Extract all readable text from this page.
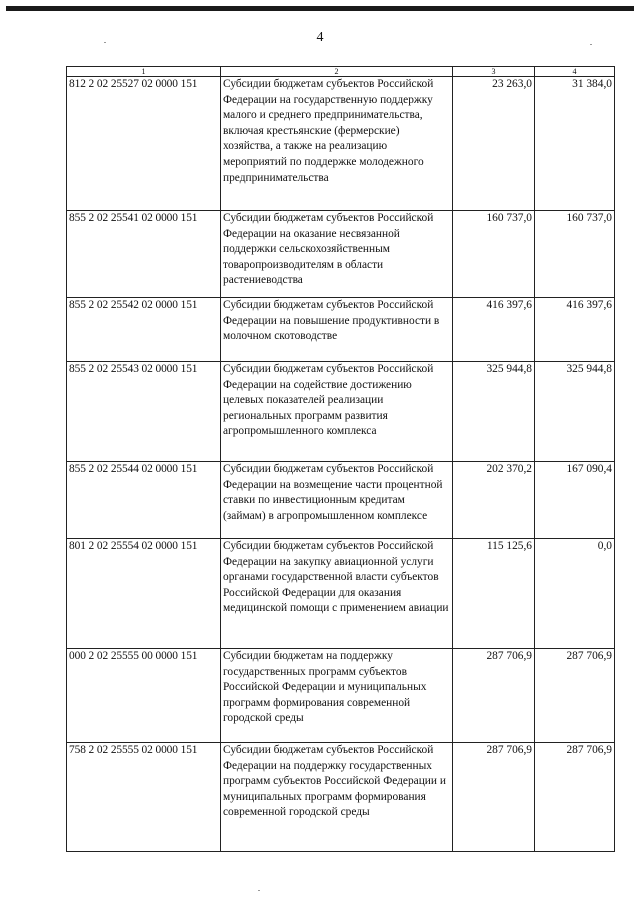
4
1	2	3	4
812 2 02 25527 02 0000 151	Субсидии бюджетам субъектов Российской Федерации на государственную поддержку малого и среднего предпринимательства, включая крестьянские (фермерские) хозяйства, а также на реализацию мероприятий по поддержке молодежного предпринимательства	23 263,0	31 384,0
855 2 02 25541 02 0000 151	Субсидии бюджетам субъектов Российской Федерации на оказание несвязанной поддержки сельскохозяйственным товаропроизводителям в области растениеводства	160 737,0	160 737,0
855 2 02 25542 02 0000 151	Субсидии бюджетам субъектов Российской Федерации на повышение продуктивности в молочном скотоводстве	416 397,6	416 397,6
855 2 02 25543 02 0000 151	Субсидии бюджетам субъектов Российской Федерации на содействие достижению целевых показателей реализации региональных программ развития агропромышленного комплекса	325 944,8	325 944,8
855 2 02 25544 02 0000 151	Субсидии бюджетам субъектов Российской Федерации на возмещение части процентной ставки по инвестиционным кредитам (займам) в агропромышленном комплексе	202 370,2	167 090,4
801 2 02 25554 02 0000 151	Субсидии бюджетам субъектов Российской Федерации на закупку авиационной услуги органами государственной власти субъектов Российской Федерации для оказания медицинской помощи с применением авиации	115 125,6	0,0
000 2 02 25555 00 0000 151	Субсидии бюджетам на поддержку государственных программ субъектов Российской Федерации и муниципальных программ формирования современной городской среды	287 706,9	287 706,9
758 2 02 25555 02 0000 151	Субсидии бюджетам субъектов Российской Федерации на поддержку государственных программ субъектов Российской Федерации и муниципальных программ формирования современной городской среды	287 706,9	287 706,9
